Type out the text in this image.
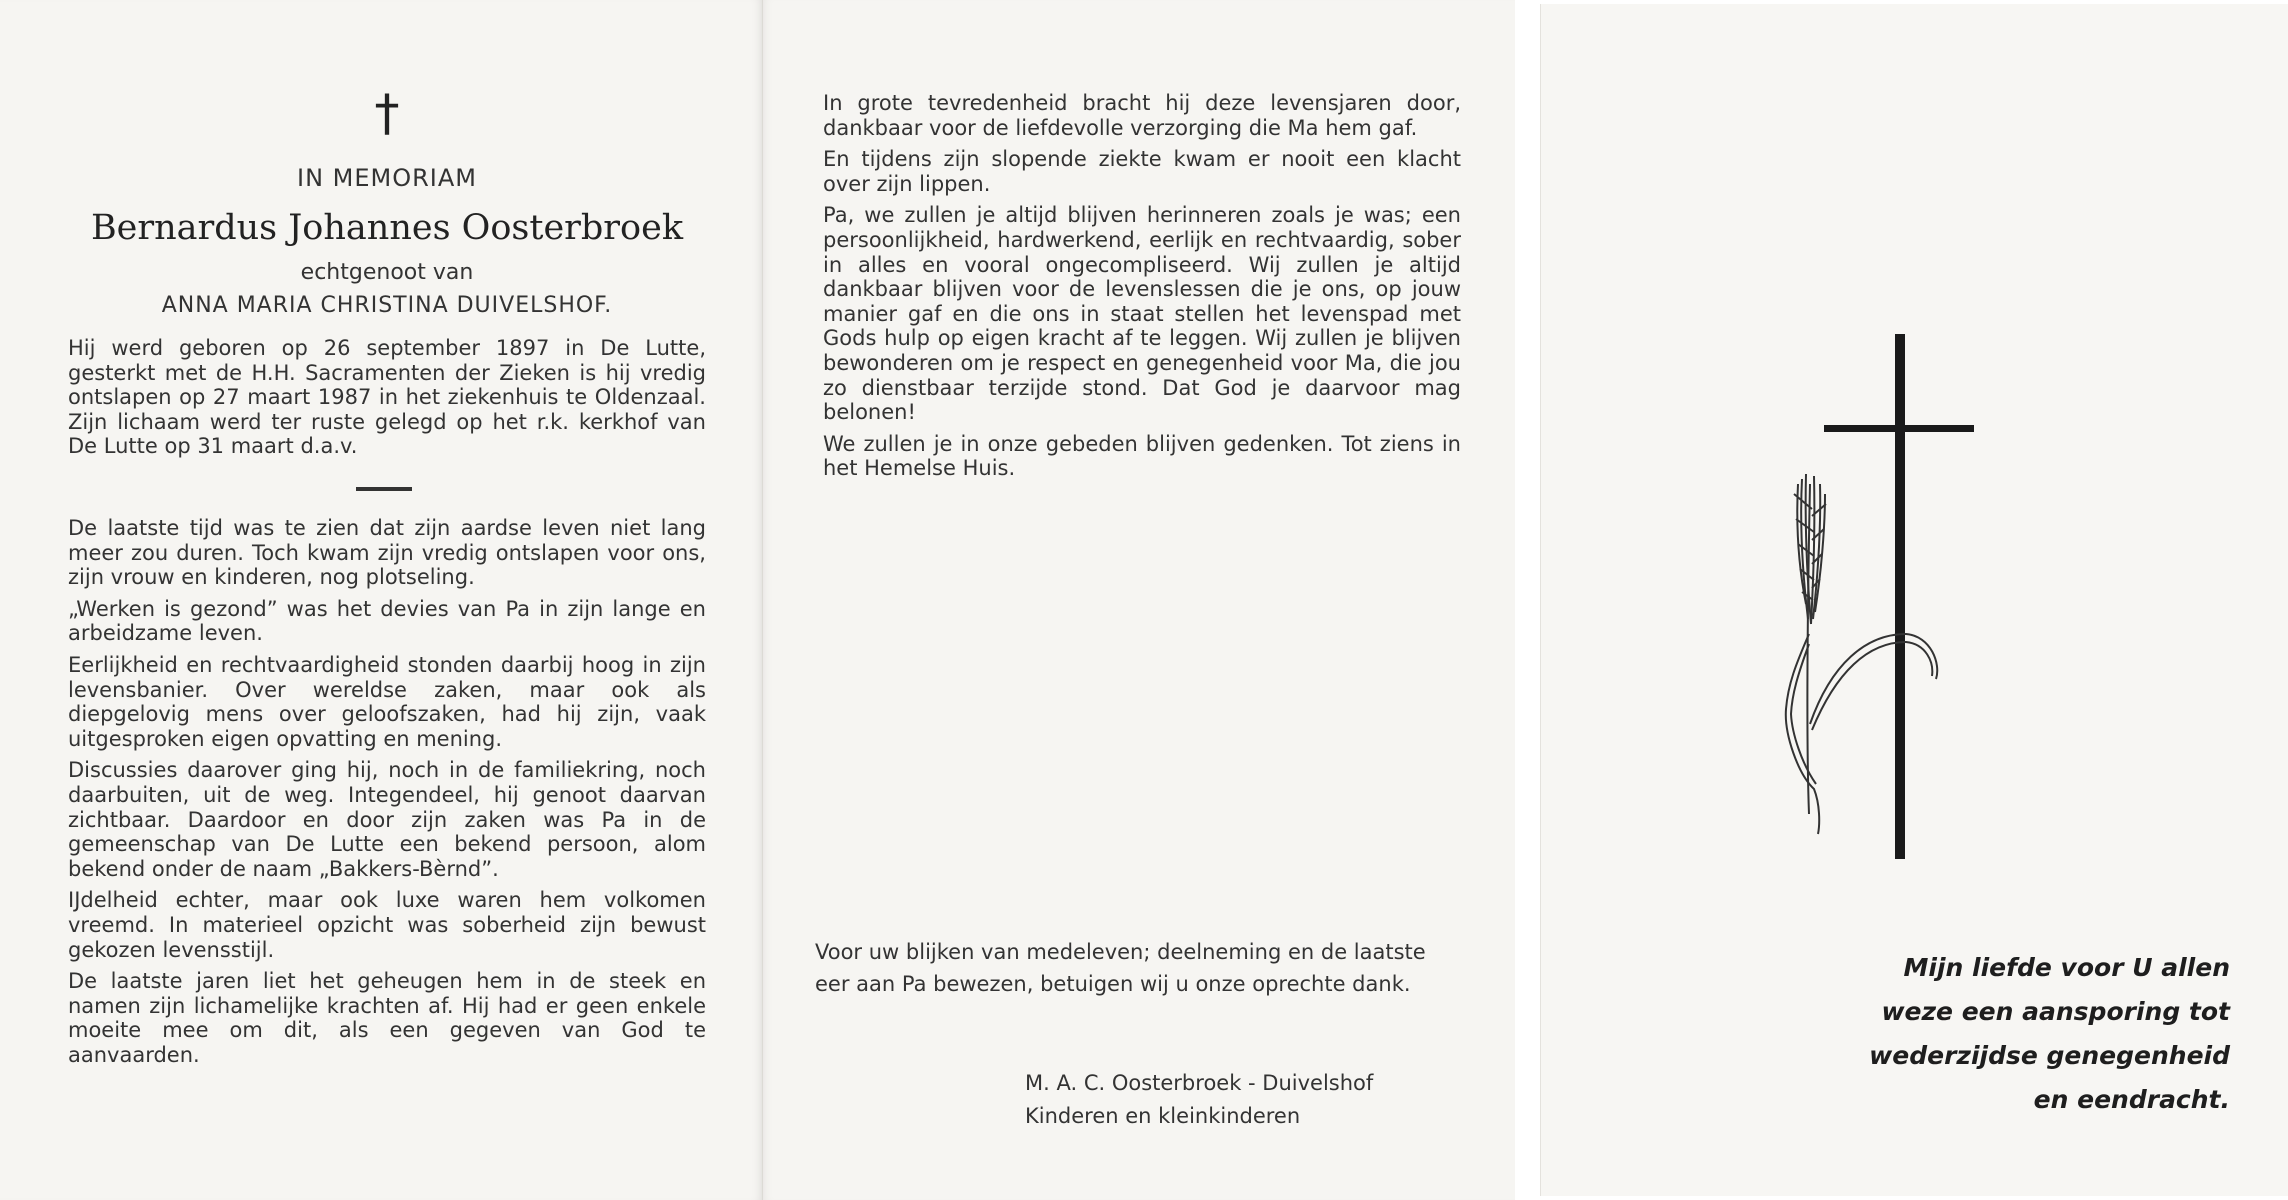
†
IN MEMORIAM
Bernardus Johannes Oosterbroek
echtgenoot van
ANNA MARIA CHRISTINA DUIVELSHOF.

Hij werd geboren op 26 september 1897 in De Lutte, gesterkt met de H.H. Sacramenten der Zieken is hij vredig ontslapen op 27 maart 1987 in het ziekenhuis te Oldenzaal. Zijn lichaam werd ter ruste gelegd op het r.k. kerkhof van De Lutte op 31 maart d.a.v.

De laatste tijd was te zien dat zijn aardse leven niet lang meer zou duren. Toch kwam zijn vredig ontslapen voor ons, zijn vrouw en kinderen, nog plotseling.

„Werken is gezond” was het devies van Pa in zijn lange en arbeidzame leven.

Eerlijkheid en rechtvaardigheid stonden daarbij hoog in zijn levensbanier. Over wereldse zaken, maar ook als diepgelovig mens over geloofszaken, had hij zijn, vaak uitgesproken eigen opvatting en mening.

Discussies daarover ging hij, noch in de familiekring, noch daarbuiten, uit de weg. Integendeel, hij genoot daarvan zichtbaar. Daardoor en door zijn zaken was Pa in de gemeenschap van De Lutte een bekend persoon, alom bekend onder de naam „Bakkers-Bèrnd”.

IJdelheid echter, maar ook luxe waren hem volkomen vreemd. In materieel opzicht was soberheid zijn bewust gekozen levensstijl.

De laatste jaren liet het geheugen hem in de steek en namen zijn lichamelijke krachten af. Hij had er geen enkele moeite mee om dit, als een gegeven van God te aanvaarden.

In grote tevredenheid bracht hij deze levensjaren door, dankbaar voor de liefdevolle verzorging die Ma hem gaf.

En tijdens zijn slopende ziekte kwam er nooit een klacht over zijn lippen.

Pa, we zullen je altijd blijven herinneren zoals je was; een persoonlijkheid, hardwerkend, eerlijk en rechtvaardig, sober in alles en vooral ongecompliseerd. Wij zullen je altijd dankbaar blijven voor de levenslessen die je ons, op jouw manier gaf en die ons in staat stellen het levenspad met Gods hulp op eigen kracht af te leggen. Wij zullen je blijven bewonderen om je respect en genegenheid voor Ma, die jou zo dienstbaar terzijde stond. Dat God je daarvoor mag belonen!

We zullen je in onze gebeden blijven gedenken. Tot ziens in het Hemelse Huis.

Voor uw blijken van medeleven; deelneming en de laatste eer aan Pa bewezen, betuigen wij u onze oprechte dank.
M. A. C. Oosterbroek - Duivelshof
Kinderen en kleinkinderen
Mijn liefde voor U allen
weze een aansporing tot
wederzijdse genegenheid
en eendracht.
